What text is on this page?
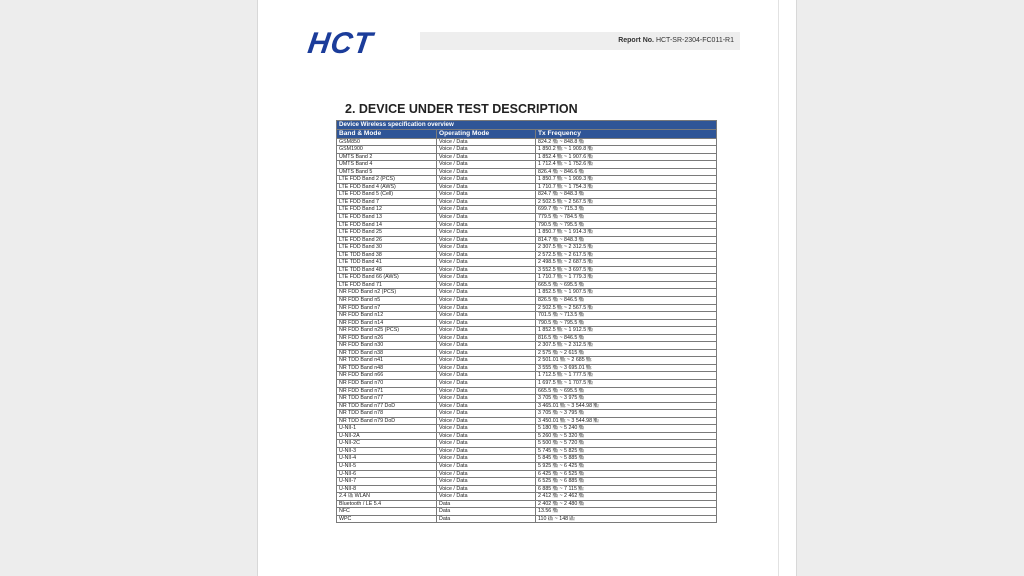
HCT	Report No. HCT-SR-2304-FC011-R1
2. DEVICE UNDER TEST DESCRIPTION
Device Wireless specification overview		
Band & Mode	Operating Mode	Tx Frequency
GSM850	Voice / Data	824.2 ㎒ ~ 848.8 ㎒
GSM1900	Voice / Data	1 850.2 ㎒ ~ 1 909.8 ㎒
UMTS Band 2	Voice / Data	1 852.4 ㎒ ~ 1 907.6 ㎒
UMTS Band 4	Voice / Data	1 712.4 ㎒ ~ 1 752.6 ㎒
UMTS Band 5	Voice / Data	826.4 ㎒ ~ 846.6 ㎒
LTE FDD Band 2 (PCS)	Voice / Data	1 850.7 ㎒ ~ 1 909.3 ㎒
LTE FDD Band 4 (AWS)	Voice / Data	1 710.7 ㎒ ~ 1 754.3 ㎒
LTE FDD Band 5 (Cell)	Voice / Data	824.7 ㎒ ~ 848.3 ㎒
LTE FDD Band 7	Voice / Data	2 502.5 ㎒ ~ 2 567.5 ㎒
LTE FDD Band 12	Voice / Data	699.7 ㎒ ~ 715.3 ㎒
LTE FDD Band 13	Voice / Data	779.5 ㎒ ~ 784.5 ㎒
LTE FDD Band 14	Voice / Data	790.5 ㎒ ~ 795.5 ㎒
LTE FDD Band 25	Voice / Data	1 850.7 ㎒ ~ 1 914.3 ㎒
LTE FDD Band 26	Voice / Data	814.7 ㎒ ~ 848.3 ㎒
LTE FDD Band 30	Voice / Data	2 307.5 ㎒ ~ 2 312.5 ㎒
LTE TDD Band 38	Voice / Data	2 572.5 ㎒ ~ 2 617.5 ㎒
LTE TDD Band 41	Voice / Data	2 498.5 ㎒ ~ 2 687.5 ㎒
LTE TDD Band 48	Voice / Data	3 552.5 ㎒ ~ 3 697.5 ㎒
LTE FDD Band 66 (AWS)	Voice / Data	1 710.7 ㎒ ~ 1 779.3 ㎒
LTE FDD Band 71	Voice / Data	665.5 ㎒ ~ 695.5 ㎒
NR FDD Band n2 (PCS)	Voice / Data	1 852.5 ㎒ ~ 1 907.5 ㎒
NR FDD Band n5	Voice / Data	826.5 ㎒ ~ 846.5 ㎒
NR FDD Band n7	Voice / Data	2 502.5 ㎒ ~ 2 567.5 ㎒
NR FDD Band n12	Voice / Data	701.5 ㎒ ~ 713.5 ㎒
NR FDD Band n14	Voice / Data	790.5 ㎒ ~ 795.5 ㎒
NR FDD Band n25 (PCS)	Voice / Data	1 852.5 ㎒ ~ 1 912.5 ㎒
NR FDD Band n26	Voice / Data	816.5 ㎒ ~ 846.5 ㎒
NR FDD Band n30	Voice / Data	2 307.5 ㎒ ~ 2 312.5 ㎒
NR TDD Band n38	Voice / Data	2 575 ㎒ ~ 2 615 ㎒
NR TDD Band n41	Voice / Data	2 501.01 ㎒ ~ 2 685 ㎒
NR TDD Band n48	Voice / Data	3 555 ㎒ ~ 3 695.01 ㎒
NR FDD Band n66	Voice / Data	1 712.5 ㎒ ~ 1 777.5 ㎒
NR FDD Band n70	Voice / Data	1 697.5 ㎒ ~ 1 707.5 ㎒
NR FDD Band n71	Voice / Data	665.5 ㎒ ~ 695.5 ㎒
NR TDD Band n77	Voice / Data	3 705 ㎒ ~ 3 975 ㎒
NR TDD Band n77 DoD	Voice / Data	3 465.01 ㎒ ~ 3 544.98 ㎒
NR TDD Band n78	Voice / Data	3 705 ㎒ ~ 3 795 ㎒
NR TDD Band n79 DoD	Voice / Data	3 450.01 ㎒ ~ 3 544.98 ㎒
U-NII-1	Voice / Data	5 180 ㎒ ~ 5 240 ㎒
U-NII-2A	Voice / Data	5 260 ㎒ ~ 5 320 ㎒
U-NII-2C	Voice / Data	5 500 ㎒ ~ 5 720 ㎒
U-NII-3	Voice / Data	5 745 ㎒ ~ 5 825 ㎒
U-NII-4	Voice / Data	5 845 ㎒ ~ 5 885 ㎒
U-NII-5	Voice / Data	5 925 ㎒ ~ 6 425 ㎒
U-NII-6	Voice / Data	6 425 ㎒ ~ 6 525 ㎒
U-NII-7	Voice / Data	6 525 ㎒ ~ 6 885 ㎒
U-NII-8	Voice / Data	6 885 ㎒ ~ 7 115 ㎒
2.4 ㎓ WLAN	Voice / Data	2 412 ㎒ ~ 2 462 ㎒
Bluetooth / LE 5.4	Data	2 402 ㎒ ~ 2 480 ㎒
NFC	Data	13.56 ㎒
WPC	Data	110 ㎑ ~ 148 ㎑
